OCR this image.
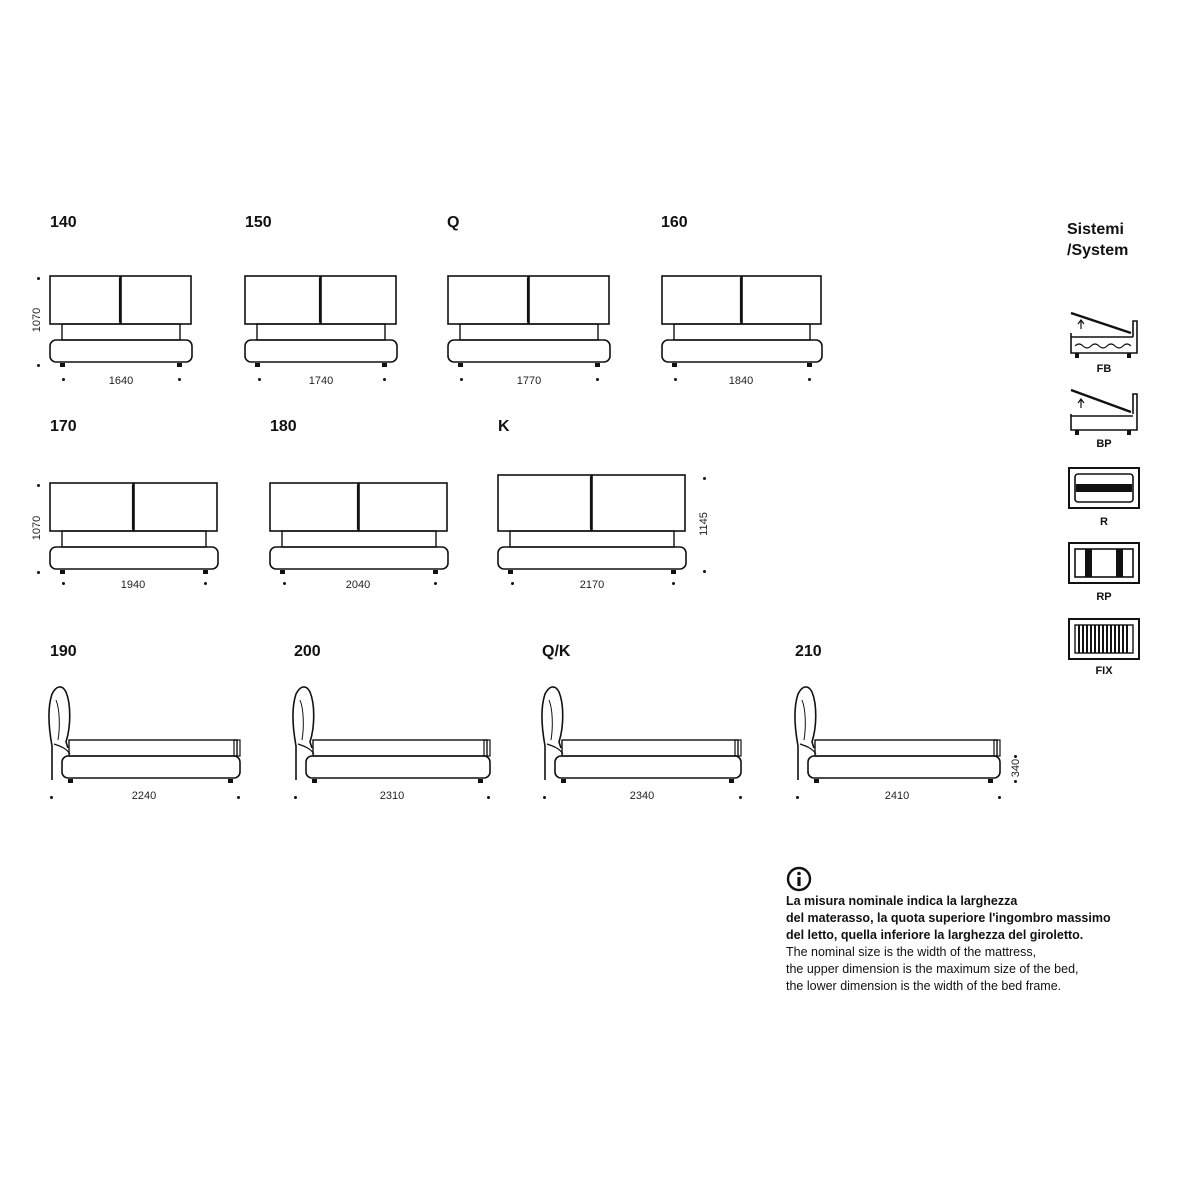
140
1070
1640
150
1740
Q
1770
160
1840
170
1070
1940
180
2040
K
1145
2170
190
2240
200
2310
Q/K
2340
210
2410
340
Sistemi
/System
FB
BP
R
RP
FIX
La misura nominale indica la larghezza
del materasso, la quota superiore l'ingombro massimo
del letto, quella inferiore la larghezza del giroletto.
The nominal size is the width of the mattress,
the upper dimension is the maximum size of the bed,
the lower dimension is the width of the bed frame.
